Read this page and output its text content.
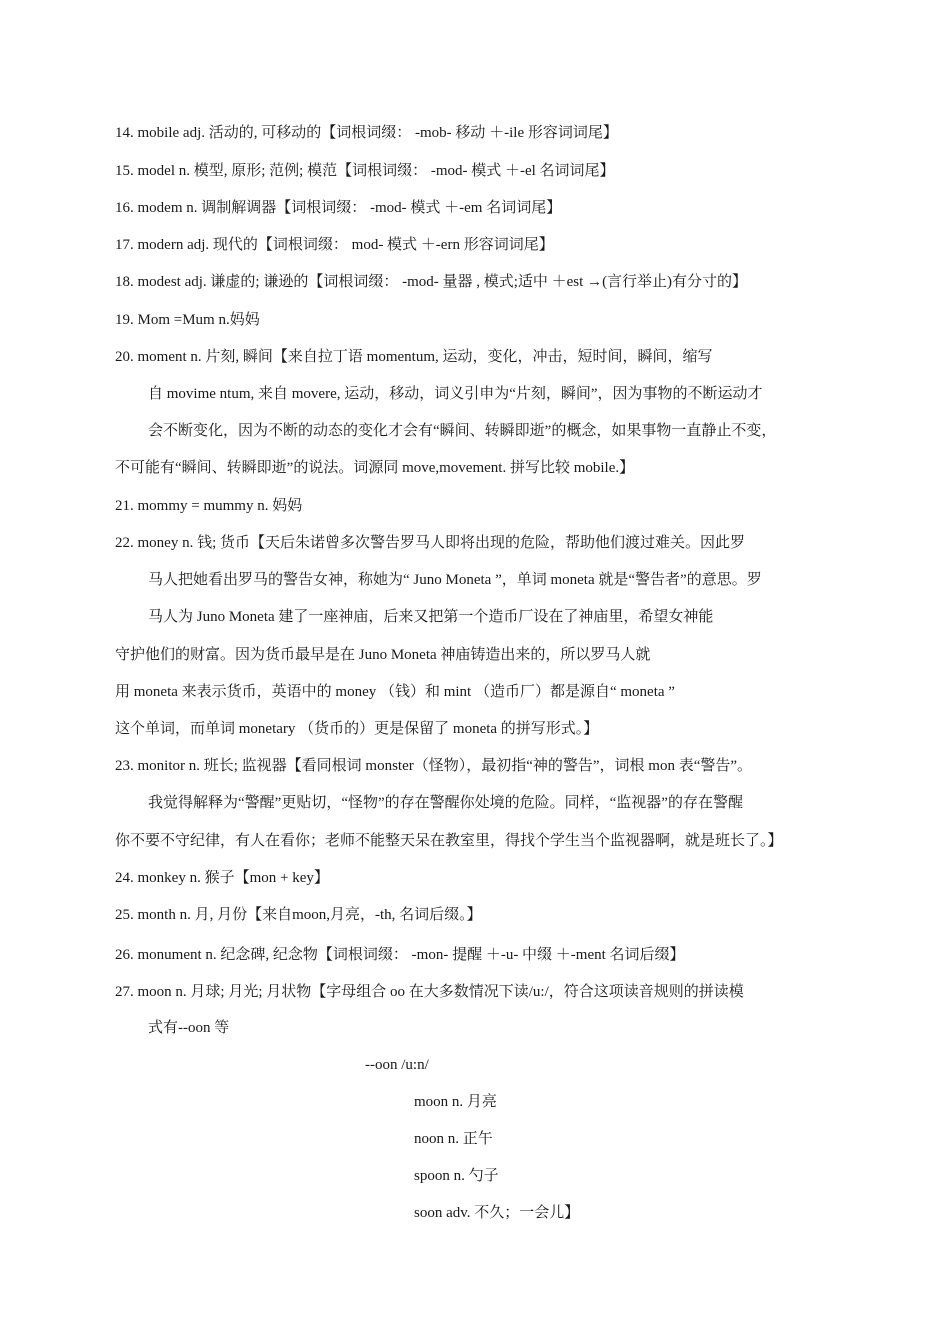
14. mobile adj. 活动的, 可移动的【词根词缀： -mob- 移动 ＋-ile 形容词词尾】
15. model n. 模型, 原形; 范例; 模范【词根词缀： -mod- 模式 ＋-el 名词词尾】
16. modem n. 调制解调器【词根词缀： -mod- 模式 ＋-em 名词词尾】
17. modern adj. 现代的【词根词缀： mod- 模式 ＋-ern 形容词词尾】
18. modest adj. 谦虚的; 谦逊的【词根词缀： -mod- 量器 , 模式;适中 ＋est →(言行举止)有分寸的】
19. Mom =Mum n.妈妈
20. moment n. 片刻, 瞬间【来自拉丁语 momentum, 运动，变化，冲击，短时间，瞬间，缩写
自 movime ntum, 来自 movere, 运动，移动，词义引申为“片刻，瞬间”，因为事物的不断运动才
会不断变化，因为不断的动态的变化才会有“瞬间、转瞬即逝”的概念，如果事物一直静止不变，
不可能有“瞬间、转瞬即逝”的说法。词源同 move,movement. 拼写比较 mobile.】
21. mommy = mummy n. 妈妈
22. money n. 钱; 货币【天后朱诺曾多次警告罗马人即将出现的危险，帮助他们渡过难关。因此罗
马人把她看出罗马的警告女神，称她为“ Juno Moneta ”，单词 moneta 就是“警告者”的意思。罗
马人为 Juno Moneta 建了一座神庙，后来又把第一个造币厂设在了神庙里，希望女神能
守护他们的财富。因为货币最早是在 Juno Moneta 神庙铸造出来的，所以罗马人就
用 moneta 来表示货币，英语中的 money （钱）和 mint （造币厂）都是源自“ moneta ”
这个单词，而单词 monetary （货币的）更是保留了 moneta 的拼写形式。】
23. monitor n. 班长; 监视器【看同根词 monster（怪物），最初指“神的警告”，词根 mon 表“警告”。
我觉得解释为“警醒”更贴切，“怪物”的存在警醒你处境的危险。同样，“监视器”的存在警醒
你不要不守纪律，有人在看你；老师不能整天呆在教室里，得找个学生当个监视器啊，就是班长了。】
24. monkey n. 猴子【mon + key】
25. month n. 月, 月份【来自moon,月亮，-th, 名词后缀。】
26. monument n. 纪念碑, 纪念物【词根词缀： -mon- 提醒 ＋-u- 中缀 ＋-ment 名词后缀】
27. moon n. 月球; 月光; 月状物【字母组合 oo 在大多数情况下读/u:/，符合这项读音规则的拼读模
式有--oon 等
--oon /u:n/
moon n. 月亮
noon n. 正午
spoon n. 勺子
soon adv. 不久；一会儿】
